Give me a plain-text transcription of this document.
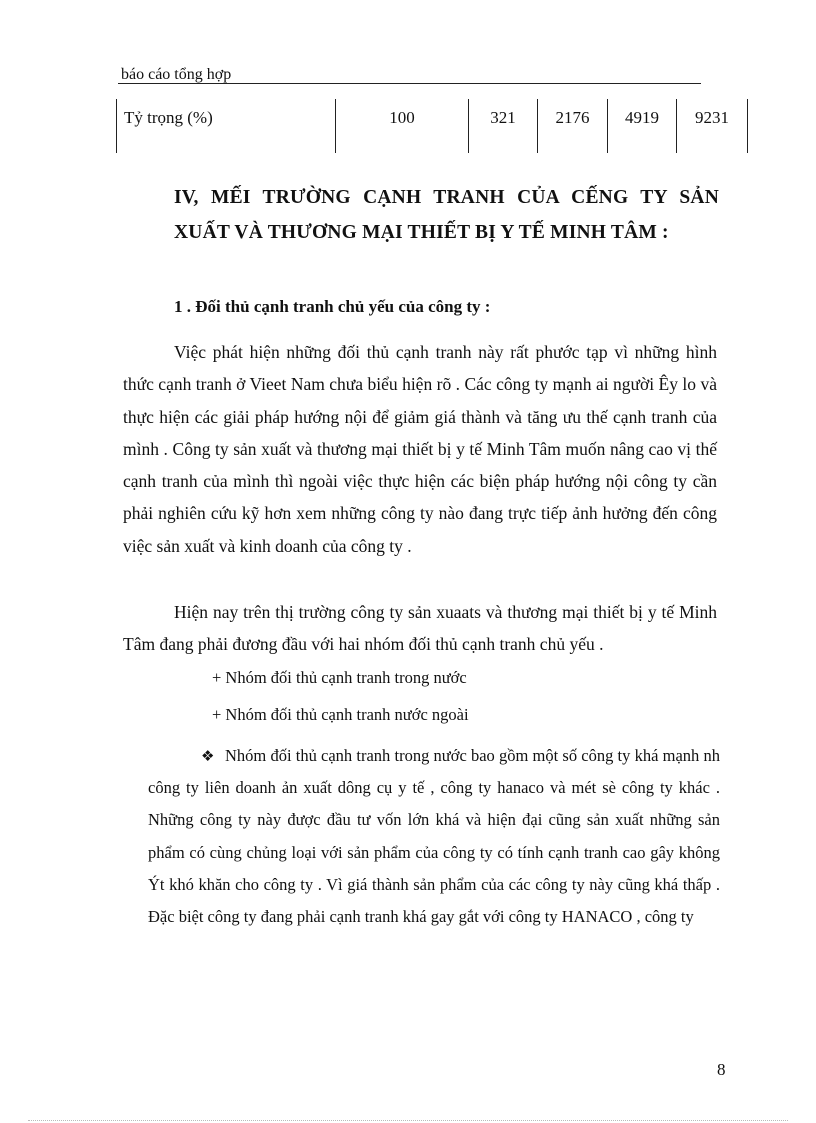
báo cáo tổng hợp
Tỷ trọng (%)	100	321	2176	4919	9231
IV, MẾI TRƯỜNG CẠNH TRANH CỦA CẾNG TY SẢN XUẤT VÀ THƯƠNG MẠI THIẾT BỊ Y TẾ MINH TÂM :
1 . Đối thủ cạnh tranh chủ yếu của công ty :

Việc phát hiện những đối thủ cạnh tranh này rất phước tạp vì những hình thức cạnh tranh ở Vieet Nam chưa biểu hiện rõ . Các công ty mạnh ai người Êy lo và thực hiện các giải pháp hướng nội để giảm giá thành và tăng ưu thế cạnh tranh của mình . Công ty sản xuất và thương mại thiết bị y tế Minh Tâm muốn nâng cao vị thế cạnh tranh của mình thì ngoài việc thực hiện các biện pháp hướng nội công ty cần phải nghiên cứu kỹ hơn xem những công ty nào đang trực tiếp ảnh hưởng đến công việc sản xuất và kinh doanh của công ty .

Hiện nay trên thị trường công ty sản xuaats và thương mại thiết bị y tế Minh Tâm đang phải đương đầu với hai nhóm đối thủ cạnh tranh chủ yếu .

+ Nhóm đối thủ cạnh tranh trong nước
+ Nhóm đối thủ cạnh tranh nước ngoài

❖ Nhóm đối thủ cạnh tranh trong nước bao gồm một số công ty khá mạnh nh công ty liên doanh ản xuất dông cụ y tế , công ty hanaco và mét sè công ty khác . Những công ty này được đầu tư vốn lớn khá và hiện đại cũng sản xuất những sản phẩm có cùng chủng loại với sản phẩm của công ty có tính cạnh tranh cao gây không Ýt khó khăn cho công ty . Vì giá thành sản phẩm của các công ty này cũng khá thấp . Đặc biệt công ty đang phải cạnh tranh khá gay gắt với công ty HANACO , công ty

8
